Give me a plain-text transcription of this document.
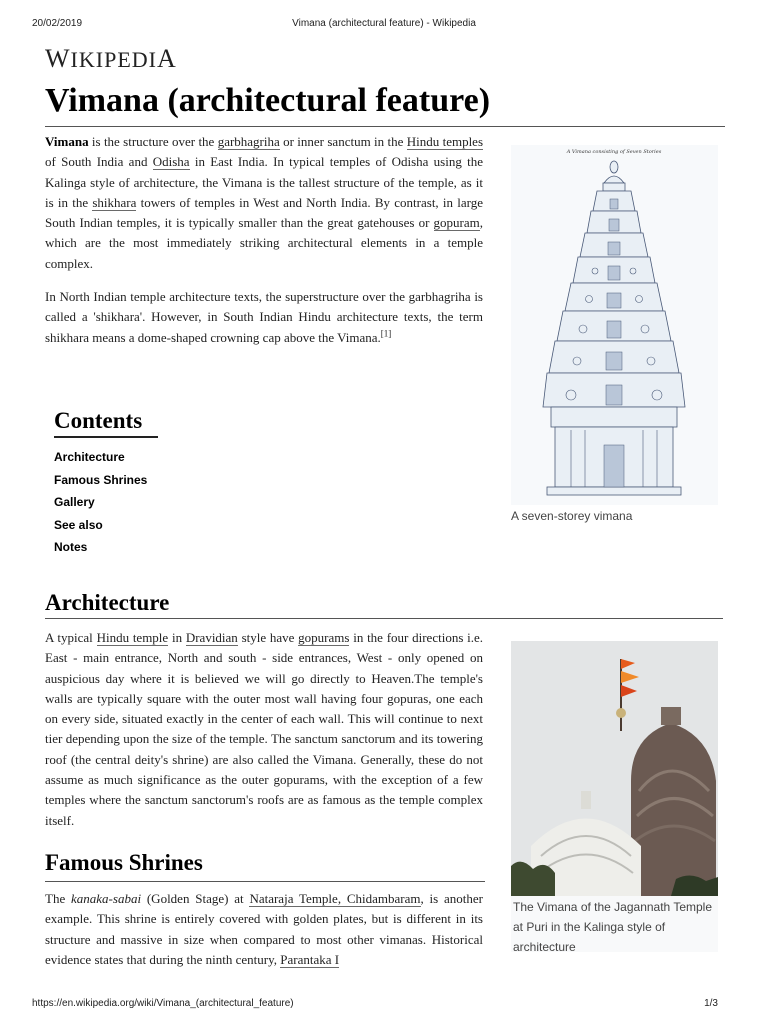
20/02/2019	Vimana (architectural feature) - Wikipedia
WIKIPEDIA
Vimana (architectural feature)

Vimana is the structure over the garbhagriha or inner sanctum in the Hindu temples of South India and Odisha in East India. In typical temples of Odisha using the Kalinga style of architecture, the Vimana is the tallest structure of the temple, as it is in the shikhara towers of temples in West and North India. By contrast, in large South Indian temples, it is typically smaller than the great gatehouses or gopuram, which are the most immediately striking architectural elements in a temple complex.

In North Indian temple architecture texts, the superstructure over the garbhagriha is called a 'shikhara'. However, in South Indian Hindu architecture texts, the term shikhara means a dome-shaped crowning cap above the Vimana.[1]

Contents
Architecture
Famous Shrines
Gallery
See also
Notes
Architecture

A typical Hindu temple in Dravidian style have gopurams in the four directions i.e. East - main entrance, North and south - side entrances, West - only opened on auspicious day where it is believed we will go directly to Heaven.The temple's walls are typically square with the outer most wall having four gopuras, one each on every side, situated exactly in the center of each wall. This will continue to next tier depending upon the size of the temple. The sanctum sanctorum and its towering roof (the central deity's shrine) are also called the Vimana. Generally, these do not assume as much significance as the outer gopurams, with the exception of a few temples where the sanctum sanctorum's roofs are as famous as the temple complex itself.

Famous Shrines

The kanaka-sabai (Golden Stage) at Nataraja Temple, Chidambaram, is another example. This shrine is entirely covered with golden plates, but is different in its structure and massive in size when compared to most other vimanas. Historical evidence states that during the ninth century, Parantaka I

A Vimana consisting of Seven Stories
A seven-storey vimana
The Vimana of the Jagannath Temple at Puri in the Kalinga style of architecture
https://en.wikipedia.org/wiki/Vimana_(architectural_feature)	1/3
